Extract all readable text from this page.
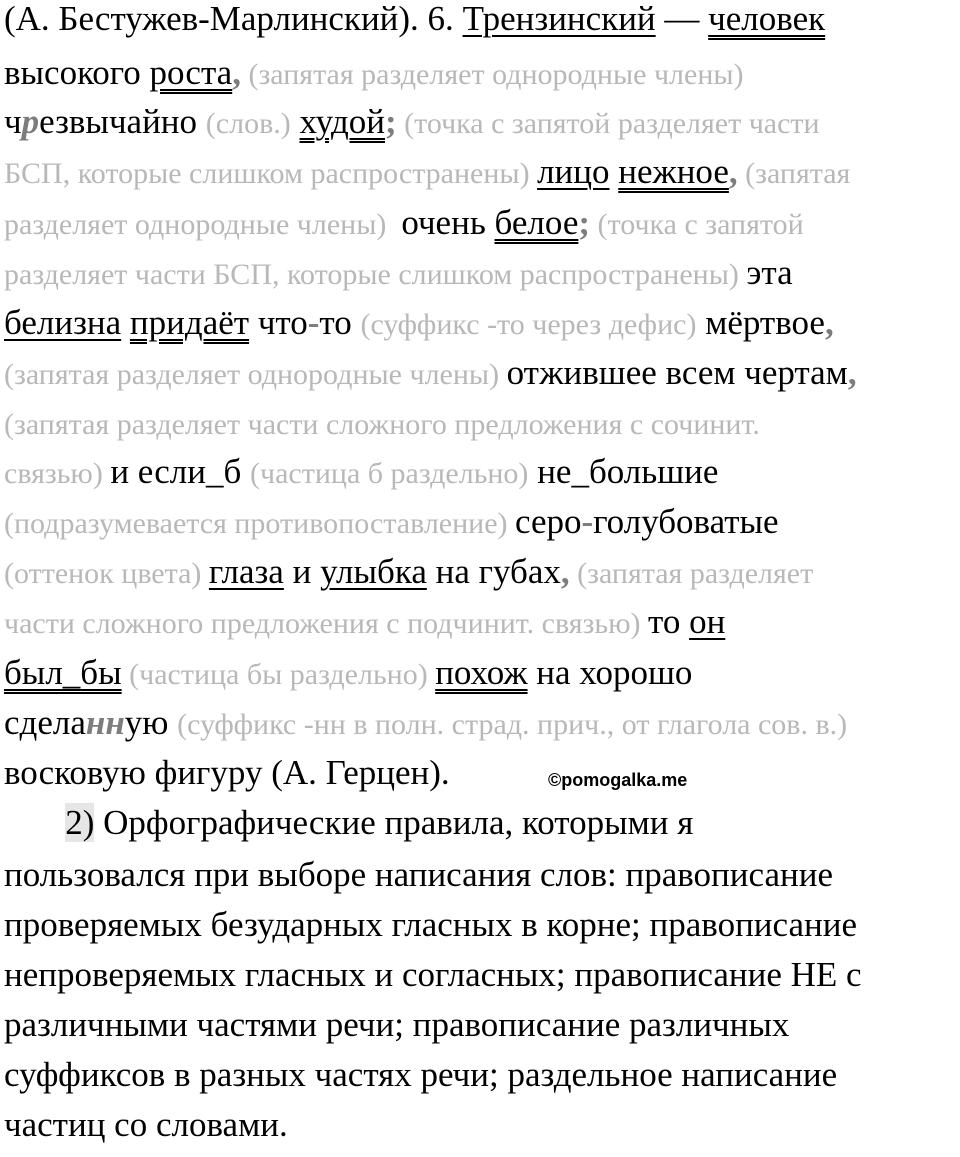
©pomogalka.me
(А. Бестужев-Марлинский). 6. Трензинский — человек
высокого роста, (запятая разделяет однородные члены)
чрезвычайно (слов.) худой; (точка с запятой разделяет части
БСП, которые слишком распространены) лицо нежное, (запятая
разделяет однородные члены)  очень белое; (точка с запятой
разделяет части БСП, которые слишком распространены) эта
белизна придаёт что-то (суффикс -то через дефис) мёртвое,
(запятая разделяет однородные члены) отжившее всем чертам,
(запятая разделяет части сложного предложения с сочинит.
связью) и если_б (частица б раздельно) не_большие
(подразумевается противопоставление) серо-голубоватые
(оттенок цвета) глаза и улыбка на губах, (запятая разделяет
части сложного предложения с подчинит. связью) то он
был_бы (частица бы раздельно) похож на хорошо
сделанную (суффикс -нн в полн. страд. прич., от глагола сов. в.)
восковую фигуру (А. Герцен).
2) Орфографические правила, которыми я
пользовался при выборе написания слов: правописание
проверяемых безударных гласных в корне; правописание
непроверяемых гласных и согласных; правописание НЕ с
различными частями речи; правописание различных
суффиксов в разных частях речи; раздельное написание
частиц со словами.
